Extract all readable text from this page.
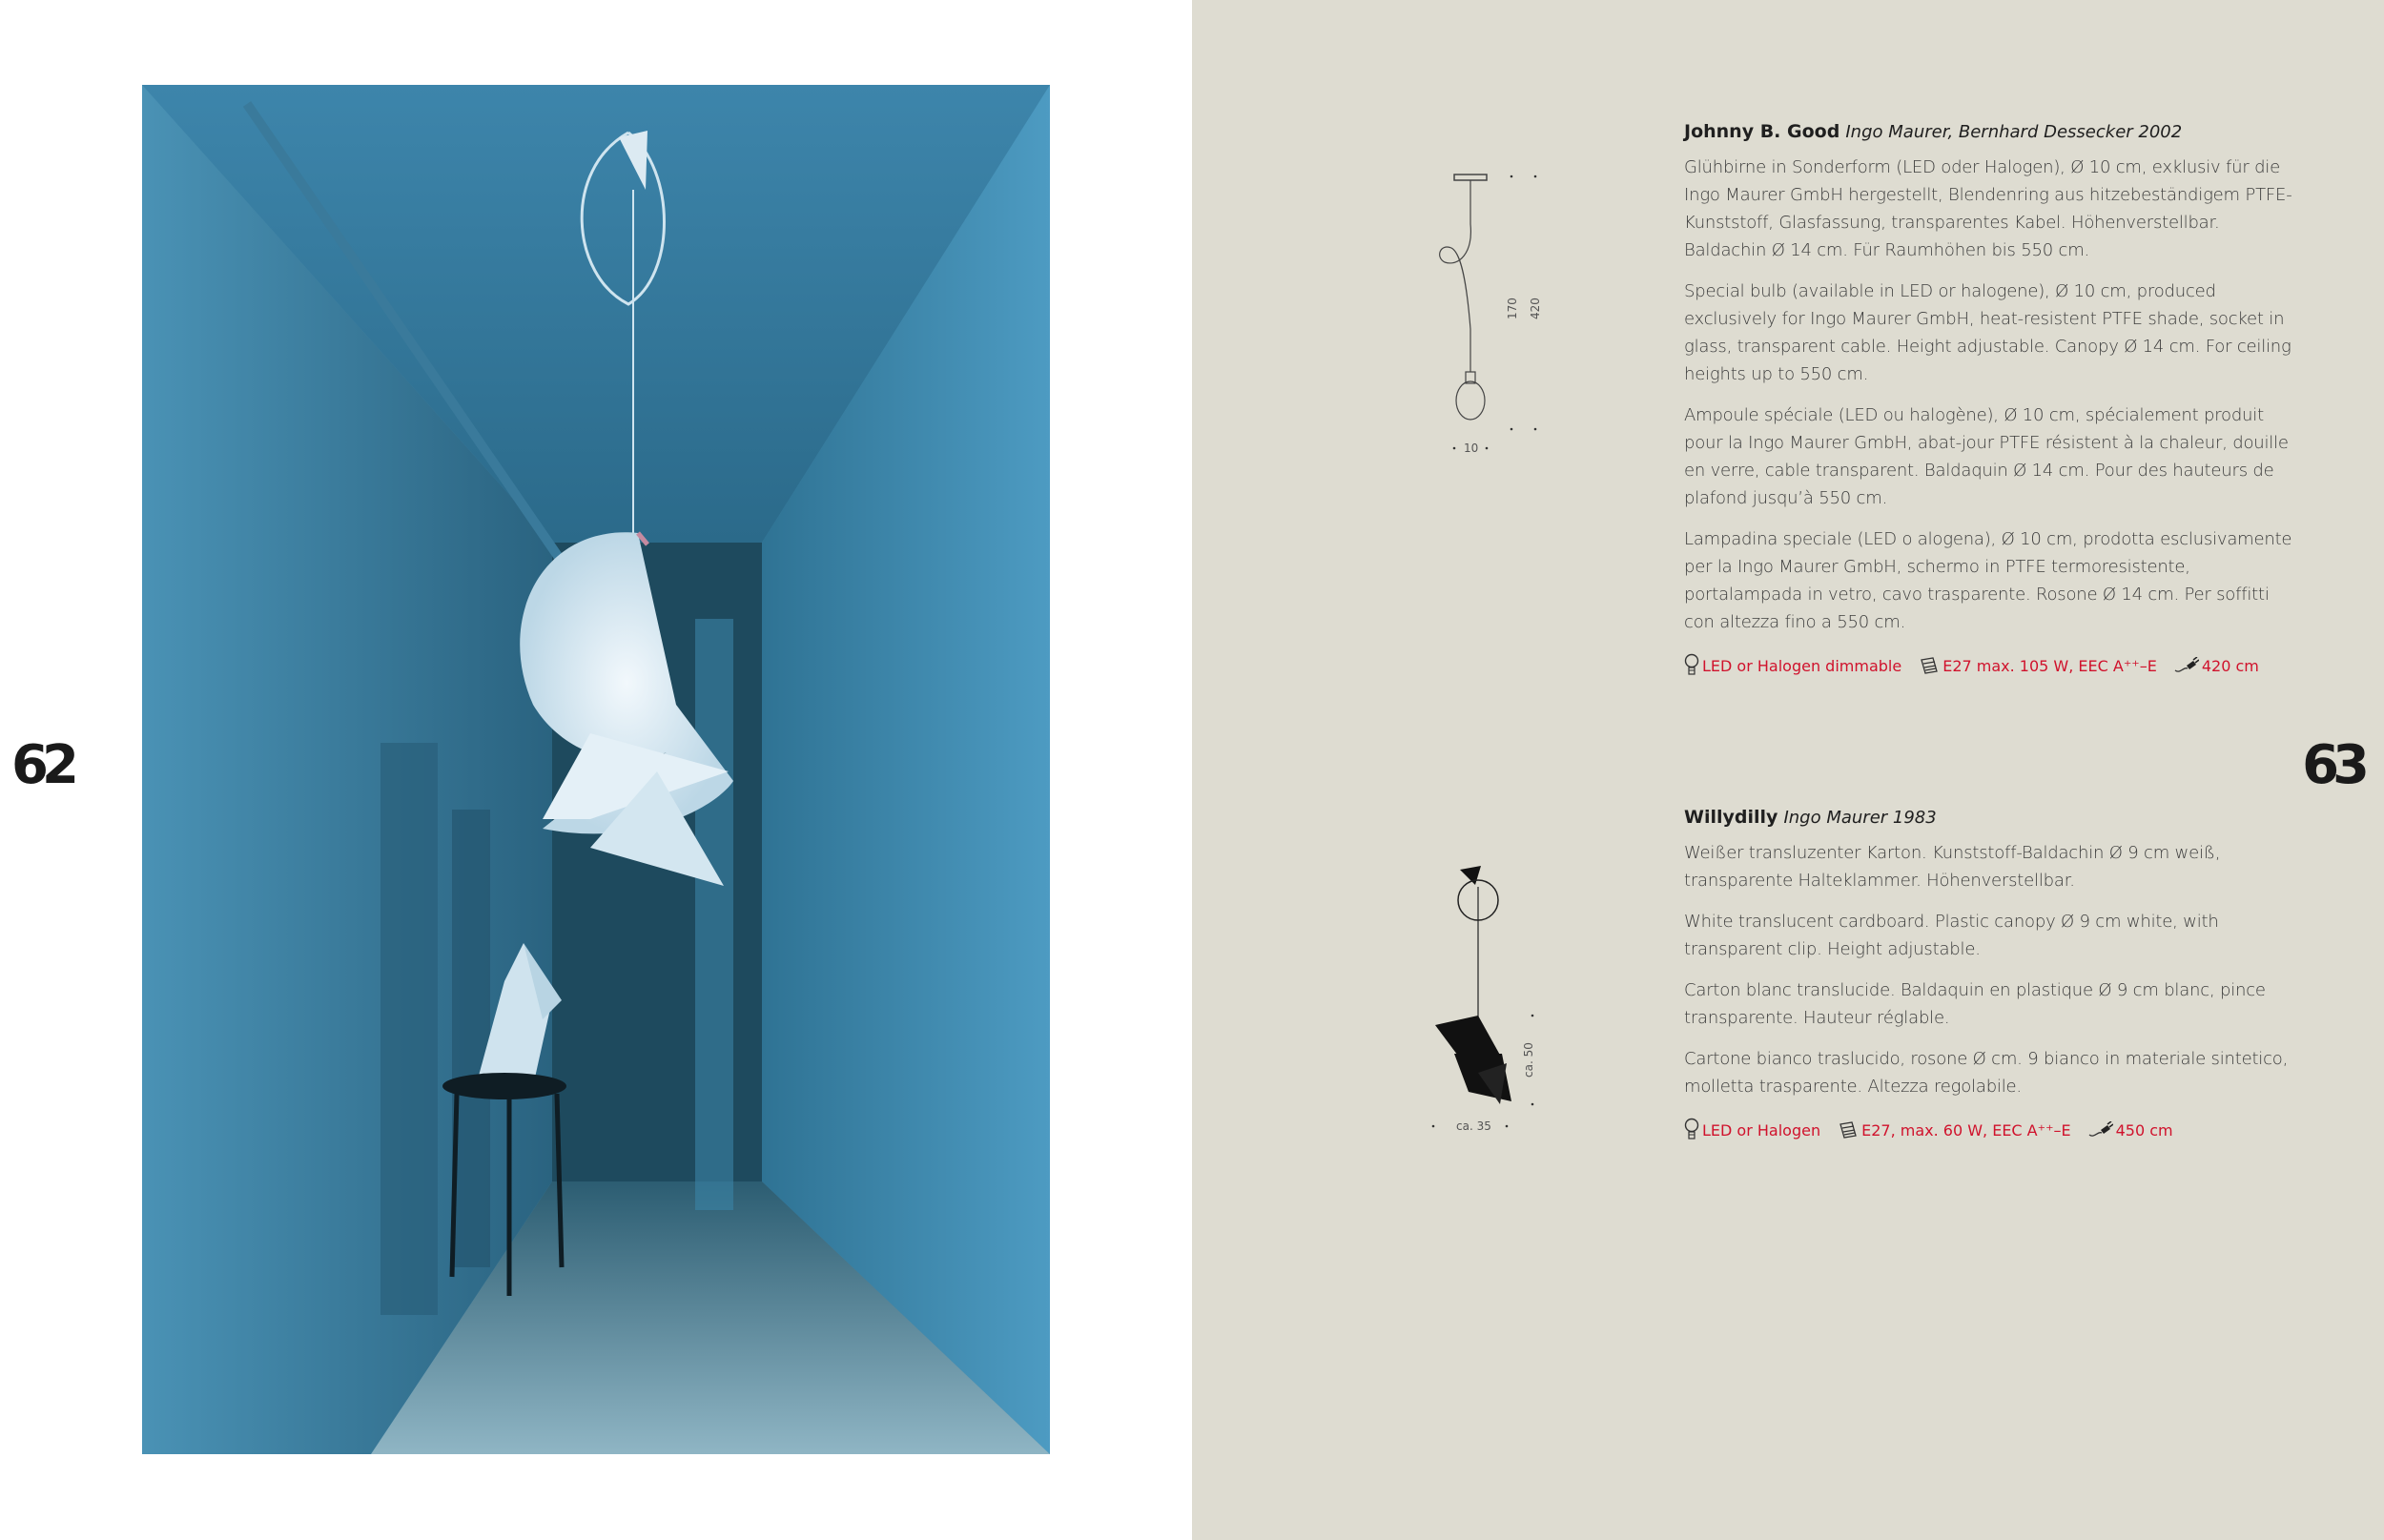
62	63
170 420
10
ca. 50
ca. 35
Johnny B. Good Ingo Maurer, Bernhard Dessecker 2002

Glühbirne in Sonderform (LED oder Halogen), Ø 10 cm, exklusiv für die Ingo Maurer GmbH hergestellt, Blendenring aus hitzebeständigem PTFE-Kunststoff, Glasfassung, transparentes Kabel. Höhenverstellbar. Baldachin Ø 14 cm. Für Raumhöhen bis 550 cm.

Special bulb (available in LED or halogene), Ø 10 cm, produced exclusively for Ingo Maurer GmbH, heat-resistent PTFE shade, socket in glass, transparent cable. Height adjustable. Canopy Ø 14 cm. For ceiling heights up to 550 cm.

Ampoule spéciale (LED ou halogène), Ø 10 cm, spécialement produit pour la Ingo Maurer GmbH, abat-jour PTFE résistent à la chaleur, douille en verre, cable transparent. Baldaquin Ø 14 cm. Pour des hauteurs de plafond jusqu’à 550 cm.

Lampadina speciale (LED o alogena), Ø 10 cm, prodotta esclusivamente per la Ingo Maurer GmbH, schermo in PTFE termoresistente, portalampada in vetro, cavo trasparente. Rosone Ø 14 cm. Per soffitti con altezza fino a 550 cm.

LED or Halogen dimmable	E27 max. 105 W, EEC A⁺⁺–E	420 cm
Willydilly Ingo Maurer 1983

Weißer transluzenter Karton. Kunststoff-Baldachin Ø 9 cm weiß, transparente Halteklammer. Höhenverstellbar.

White translucent cardboard. Plastic canopy Ø 9 cm white, with transparent clip. Height adjustable.

Carton blanc translucide. Baldaquin en plastique Ø 9 cm blanc, pince transparente. Hauteur réglable.

Cartone bianco traslucido, rosone Ø cm. 9 bianco in materiale sintetico, molletta trasparente. Altezza regolabile.

LED or Halogen	E27, max. 60 W, EEC A⁺⁺–E	450 cm
